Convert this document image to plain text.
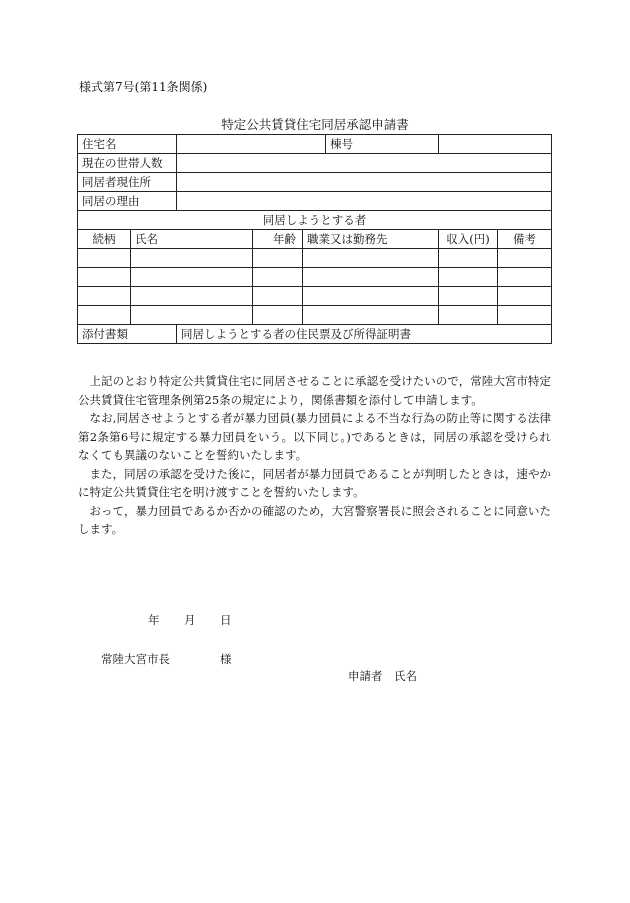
様式第7号(第11条関係)
特定公共賃貸住宅同居承認申請書
住宅名					棟号		
現在の世帯人数							
同居者現住所							
同居の理由							
同居しようとする者							
続柄	氏名		年齢	職業又は勤務先		収入(円)	備考

添付書類		同居しようとする者の住民票及び所得証明書					

上記のとおり特定公共賃貸住宅に同居させることに承認を受けたいので，常陸大宮市特定公共賃貸住宅管理条例第25条の規定により，関係書類を添付して申請します。

なお,同居させようとする者が暴力団員(暴力団員による不当な行為の防止等に関する法律第2条第6号に規定する暴力団員をいう。以下同じ。)であるときは，同居の承認を受けられなくても異議のないことを誓約いたします。

また，同居の承認を受けた後に，同居者が暴力団員であることが判明したときは，速やかに特定公共賃貸住宅を明け渡すことを誓約いたします。

おって，暴力団員であるか否かの確認のため，大宮警察署長に照会されることに同意いたします。

年 月 日
常陸大宮市長	様
申請者 氏名
